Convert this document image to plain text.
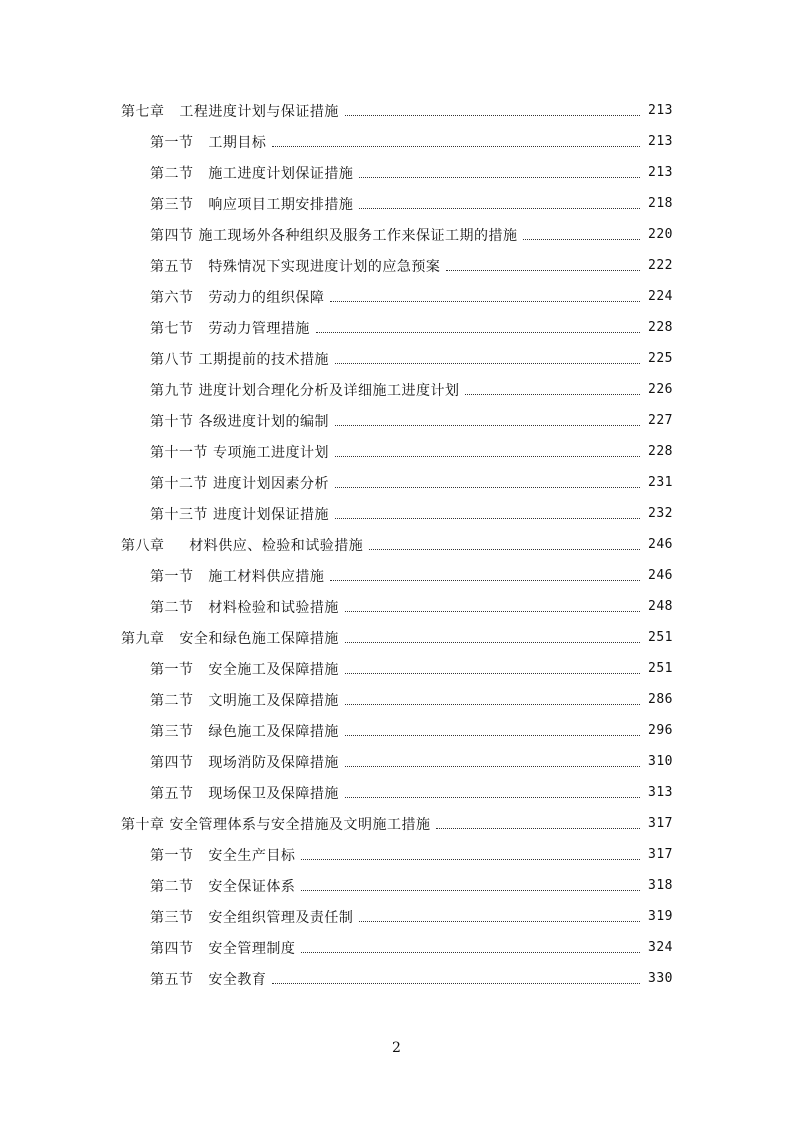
第七章   工程进度计划与保证措施	213
第一节   工期目标	213
第二节   施工进度计划保证措施	213
第三节   响应项目工期安排措施	218
第四节 施工现场外各种组织及服务工作来保证工期的措施	220
第五节   特殊情况下实现进度计划的应急预案	222
第六节   劳动力的组织保障	224
第七节   劳动力管理措施	228
第八节 工期提前的技术措施	225
第九节 进度计划合理化分析及详细施工进度计划	226
第十节 各级进度计划的编制	227
第十一节 专项施工进度计划	228
第十二节 进度计划因素分析	231
第十三节 进度计划保证措施	232
第八章     材料供应、检验和试验措施	246
第一节   施工材料供应措施	246
第二节   材料检验和试验措施	248
第九章   安全和绿色施工保障措施	251
第一节   安全施工及保障措施	251
第二节   文明施工及保障措施	286
第三节   绿色施工及保障措施	296
第四节   现场消防及保障措施	310
第五节   现场保卫及保障措施	313
第十章 安全管理体系与安全措施及文明施工措施	317
第一节   安全生产目标	317
第二节   安全保证体系	318
第三节   安全组织管理及责任制	319
第四节   安全管理制度	324
第五节   安全教育	330
2
